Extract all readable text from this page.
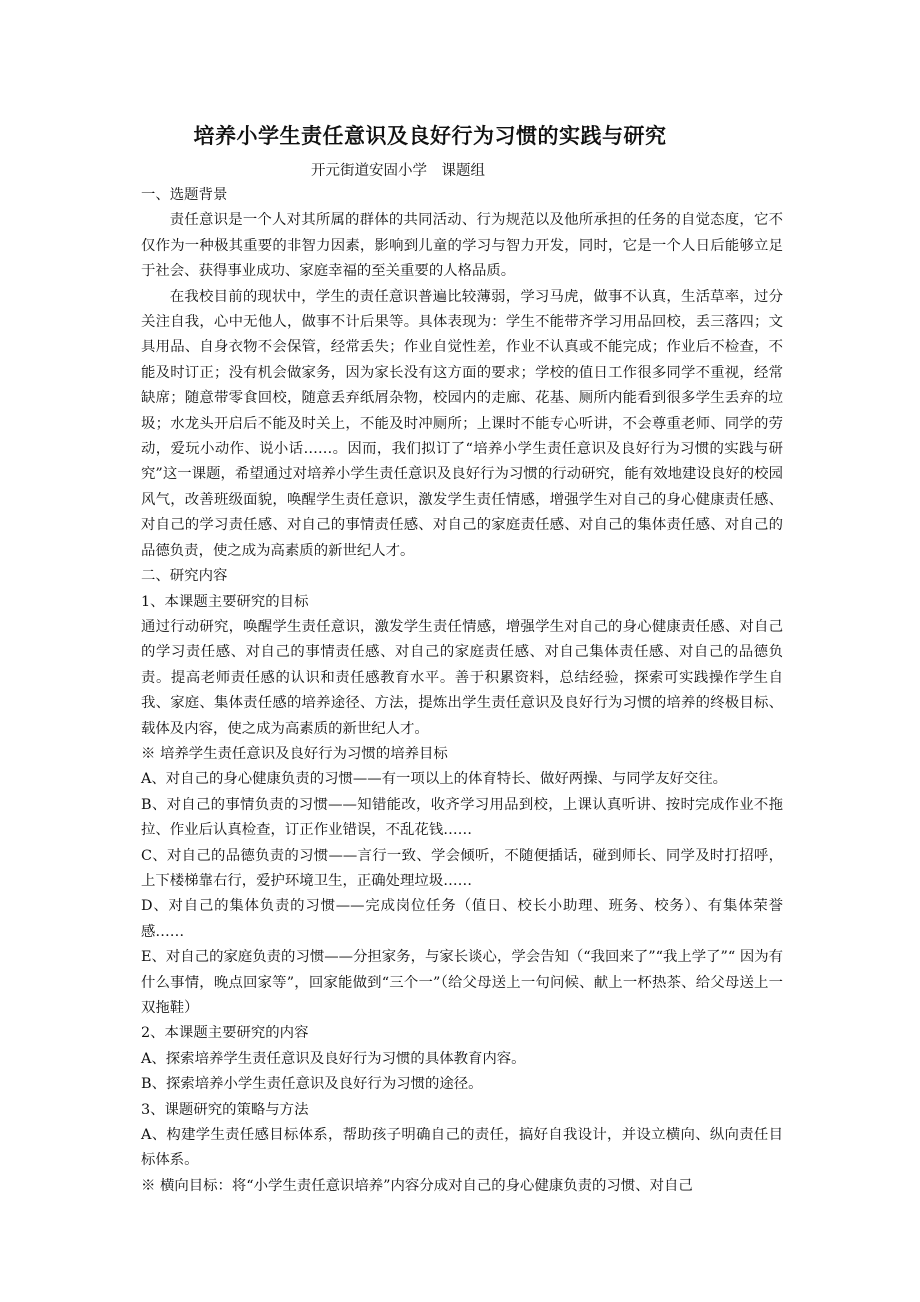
培养小学生责任意识及良好行为习惯的实践与研究
开元街道安固小学　课题组

一、选题背景

责任意识是一个人对其所属的群体的共同活动、行为规范以及他所承担的任务的自觉态度，它不仅作为一种极其重要的非智力因素，影响到儿童的学习与智力开发，同时，它是一个人日后能够立足于社会、获得事业成功、家庭幸福的至关重要的人格品质。

在我校目前的现状中，学生的责任意识普遍比较薄弱，学习马虎，做事不认真，生活草率，过分关注自我，心中无他人，做事不计后果等。具体表现为：学生不能带齐学习用品回校，丢三落四；文具用品、自身衣物不会保管，经常丢失；作业自觉性差，作业不认真或不能完成；作业后不检查，不能及时订正；没有机会做家务，因为家长没有这方面的要求；学校的值日工作很多同学不重视，经常缺席；随意带零食回校，随意丢弃纸屑杂物，校园内的走廊、花基、厕所内能看到很多学生丢弃的垃圾；水龙头开启后不能及时关上，不能及时冲厕所；上课时不能专心听讲，不会尊重老师、同学的劳动，爱玩小动作、说小话……。因而，我们拟订了“培养小学生责任意识及良好行为习惯的实践与研究”这一课题，希望通过对培养小学生责任意识及良好行为习惯的行动研究，能有效地建设良好的校园风气，改善班级面貌，唤醒学生责任意识，激发学生责任情感，增强学生对自己的身心健康责任感、对自己的学习责任感、对自己的事情责任感、对自己的家庭责任感、对自己的集体责任感、对自己的品德负责，使之成为高素质的新世纪人才。

二、研究内容

1、本课题主要研究的目标

通过行动研究，唤醒学生责任意识，激发学生责任情感，增强学生对自己的身心健康责任感、对自己的学习责任感、对自己的事情责任感、对自己的家庭责任感、对自己集体责任感、对自己的品德负责。提高老师责任感的认识和责任感教育水平。善于积累资料，总结经验，探索可实践操作学生自我、家庭、集体责任感的培养途径、方法，提炼出学生责任意识及良好行为习惯的培养的终极目标、载体及内容，使之成为高素质的新世纪人才。

※ 培养学生责任意识及良好行为习惯的培养目标

A、对自己的身心健康负责的习惯——有一项以上的体育特长、做好两操、与同学友好交往。

B、对自己的事情负责的习惯——知错能改，收齐学习用品到校，上课认真听讲、按时完成作业不拖拉、作业后认真检查，订正作业错误，不乱花钱……

C、对自己的品德负责的习惯——言行一致、学会倾听，不随便插话，碰到师长、同学及时打招呼，上下楼梯靠右行，爱护环境卫生，正确处理垃圾……

D、对自己的集体负责的习惯——完成岗位任务（值日、校长小助理、班务、校务）、有集体荣誉感……

E、对自己的家庭负责的习惯——分担家务，与家长谈心，学会告知（“我回来了”“我上学了”“ 因为有什么事情，晚点回家等”，回家能做到“三个一”（给父母送上一句问候、献上一杯热茶、给父母送上一双拖鞋）

2、本课题主要研究的内容

A、探索培养学生责任意识及良好行为习惯的具体教育内容。

B、探索培养小学生责任意识及良好行为习惯的途径。

3、课题研究的策略与方法

A、构建学生责任感目标体系，帮助孩子明确自己的责任，搞好自我设计，并设立横向、纵向责任目标体系。

※ 横向目标：将“小学生责任意识培养”内容分成对自己的身心健康负责的习惯、对自己
